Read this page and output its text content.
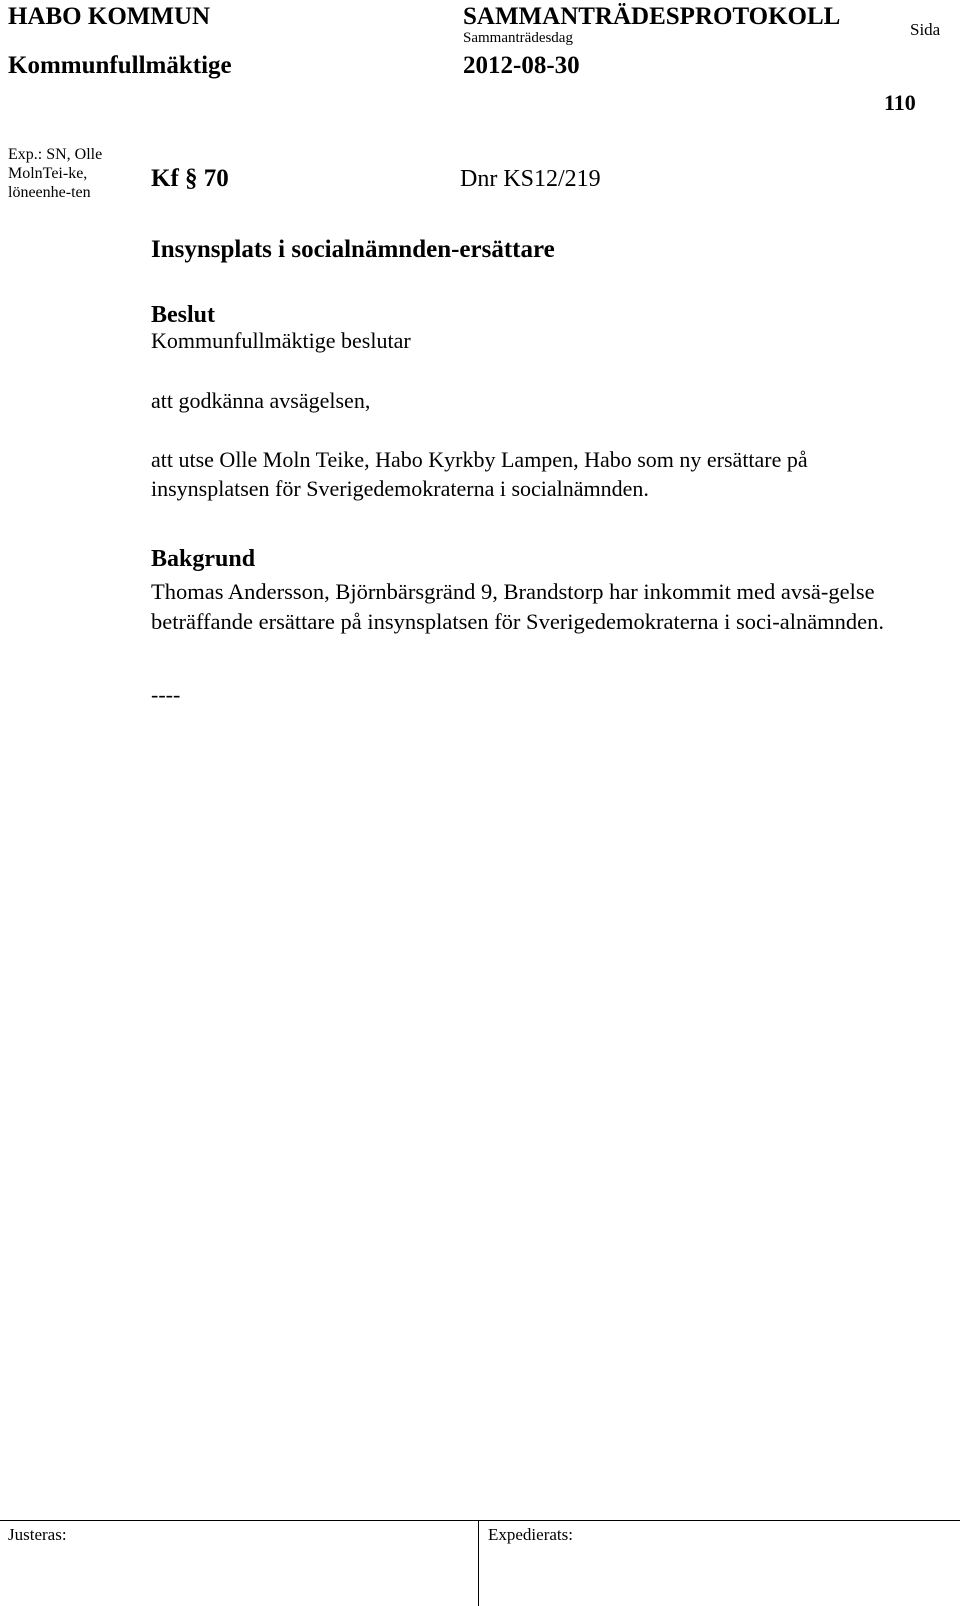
HABO KOMMUN
Kommunfullmäktige
SAMMANTRÄDESPROTOKOLL
Sammanträdesdag
2012-08-30
Sida
110
Exp.: SN, Olle MolnTei-ke, löneenhe-ten
Kf § 70	Dnr KS12/219
Insynsplats i socialnämnden-ersättare
Beslut
Kommunfullmäktige beslutar
att godkänna avsägelsen,
att utse Olle Moln Teike, Habo Kyrkby Lampen, Habo som ny ersättare på
insynsplatsen för Sverigedemokraterna i socialnämnden.
Bakgrund
Thomas Andersson, Björnbärsgränd 9, Brandstorp har inkommit med avsä-gelse beträffande ersättare på insynsplatsen för Sverigedemokraterna i soci-alnämnden.
----
Justeras:	Expedierats:
